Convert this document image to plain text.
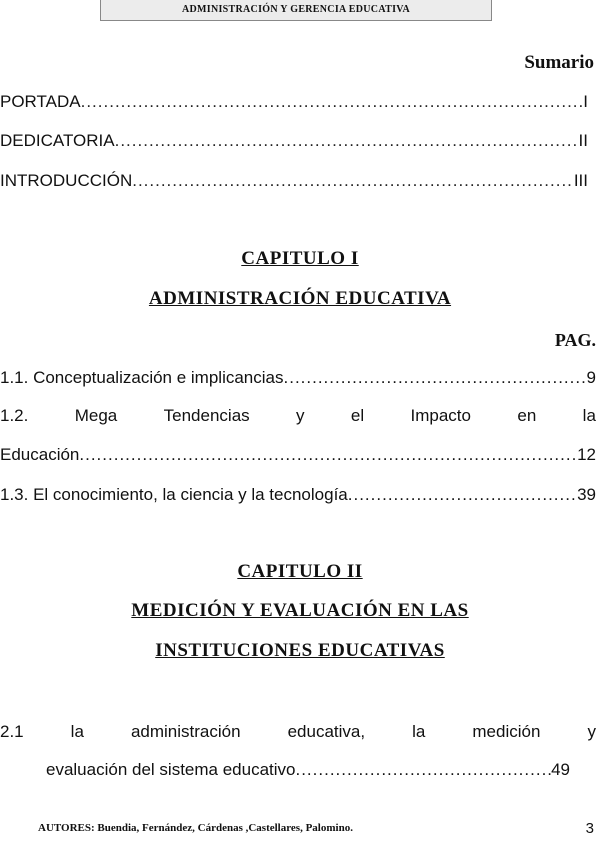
ADMINISTRACIÓN Y GERENCIA EDUCATIVA
Sumario
PORTADA .....	I
DEDICATORIA .....	II
INTRODUCCIÓN .....	III
CAPITULO I
ADMINISTRACIÓN EDUCATIVA
PAG.
1.1. Conceptualización e implicancias .....	9
1.2.	Mega	Tendencias	y	el	Impacto	en	la
Educación .....	12
1.3. El conocimiento, la ciencia y la tecnología .....	39
CAPITULO II
MEDICIÓN Y EVALUACIÓN EN LAS
INSTITUCIONES EDUCATIVAS
2.1	la	administración	educativa,	la	medición	y
evaluación del sistema educativo .....	49
AUTORES: Buendia, Fernández, Cárdenas ,Castellares, Palomino.	3
